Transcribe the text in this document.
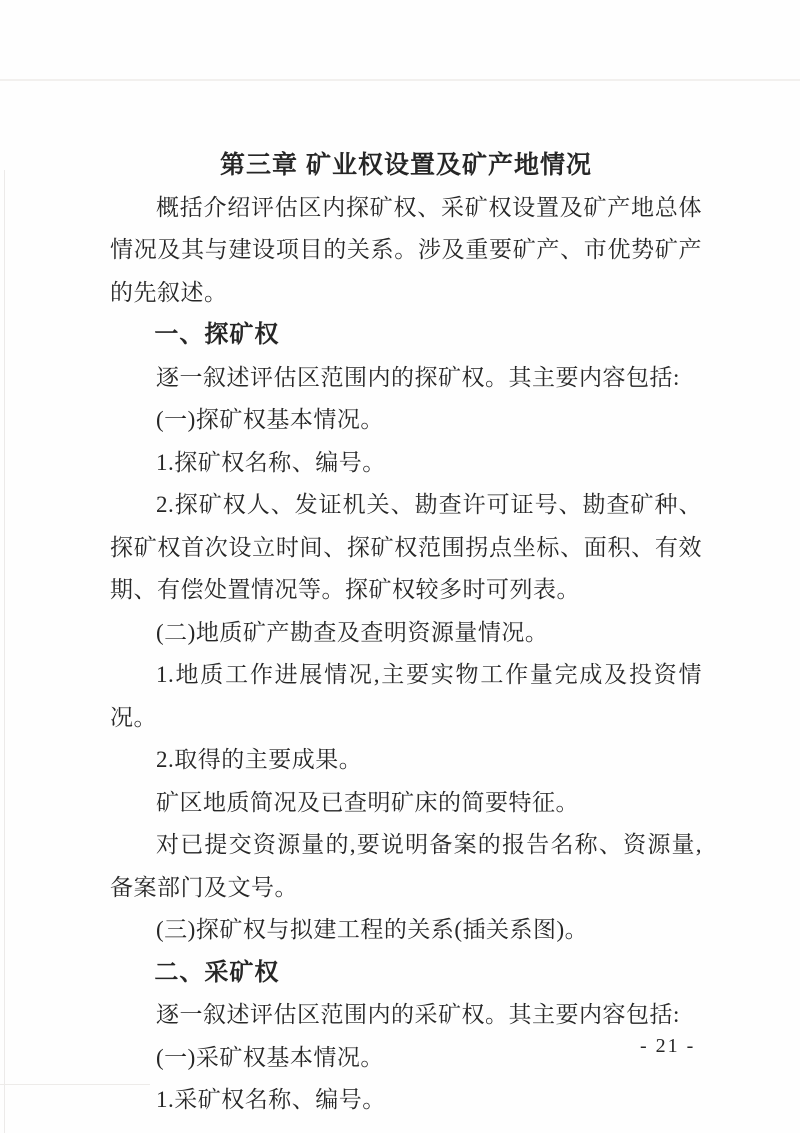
第三章 矿业权设置及矿产地情况

概括介绍评估区内探矿权、采矿权设置及矿产地总体情况及其与建设项目的关系。涉及重要矿产、市优势矿产的先叙述。

一、探矿权

逐一叙述评估区范围内的探矿权。其主要内容包括:

(一)探矿权基本情况。

1.探矿权名称、编号。

2.探矿权人、发证机关、勘查许可证号、勘查矿种、探矿权首次设立时间、探矿权范围拐点坐标、面积、有效期、有偿处置情况等。探矿权较多时可列表。

(二)地质矿产勘查及查明资源量情况。

1.地质工作进展情况,主要实物工作量完成及投资情况。

2.取得的主要成果。

矿区地质简况及已查明矿床的简要特征。

对已提交资源量的,要说明备案的报告名称、资源量,备案部门及文号。

(三)探矿权与拟建工程的关系(插关系图)。

二、采矿权

逐一叙述评估区范围内的采矿权。其主要内容包括:

(一)采矿权基本情况。

1.采矿权名称、编号。

- 21 -
